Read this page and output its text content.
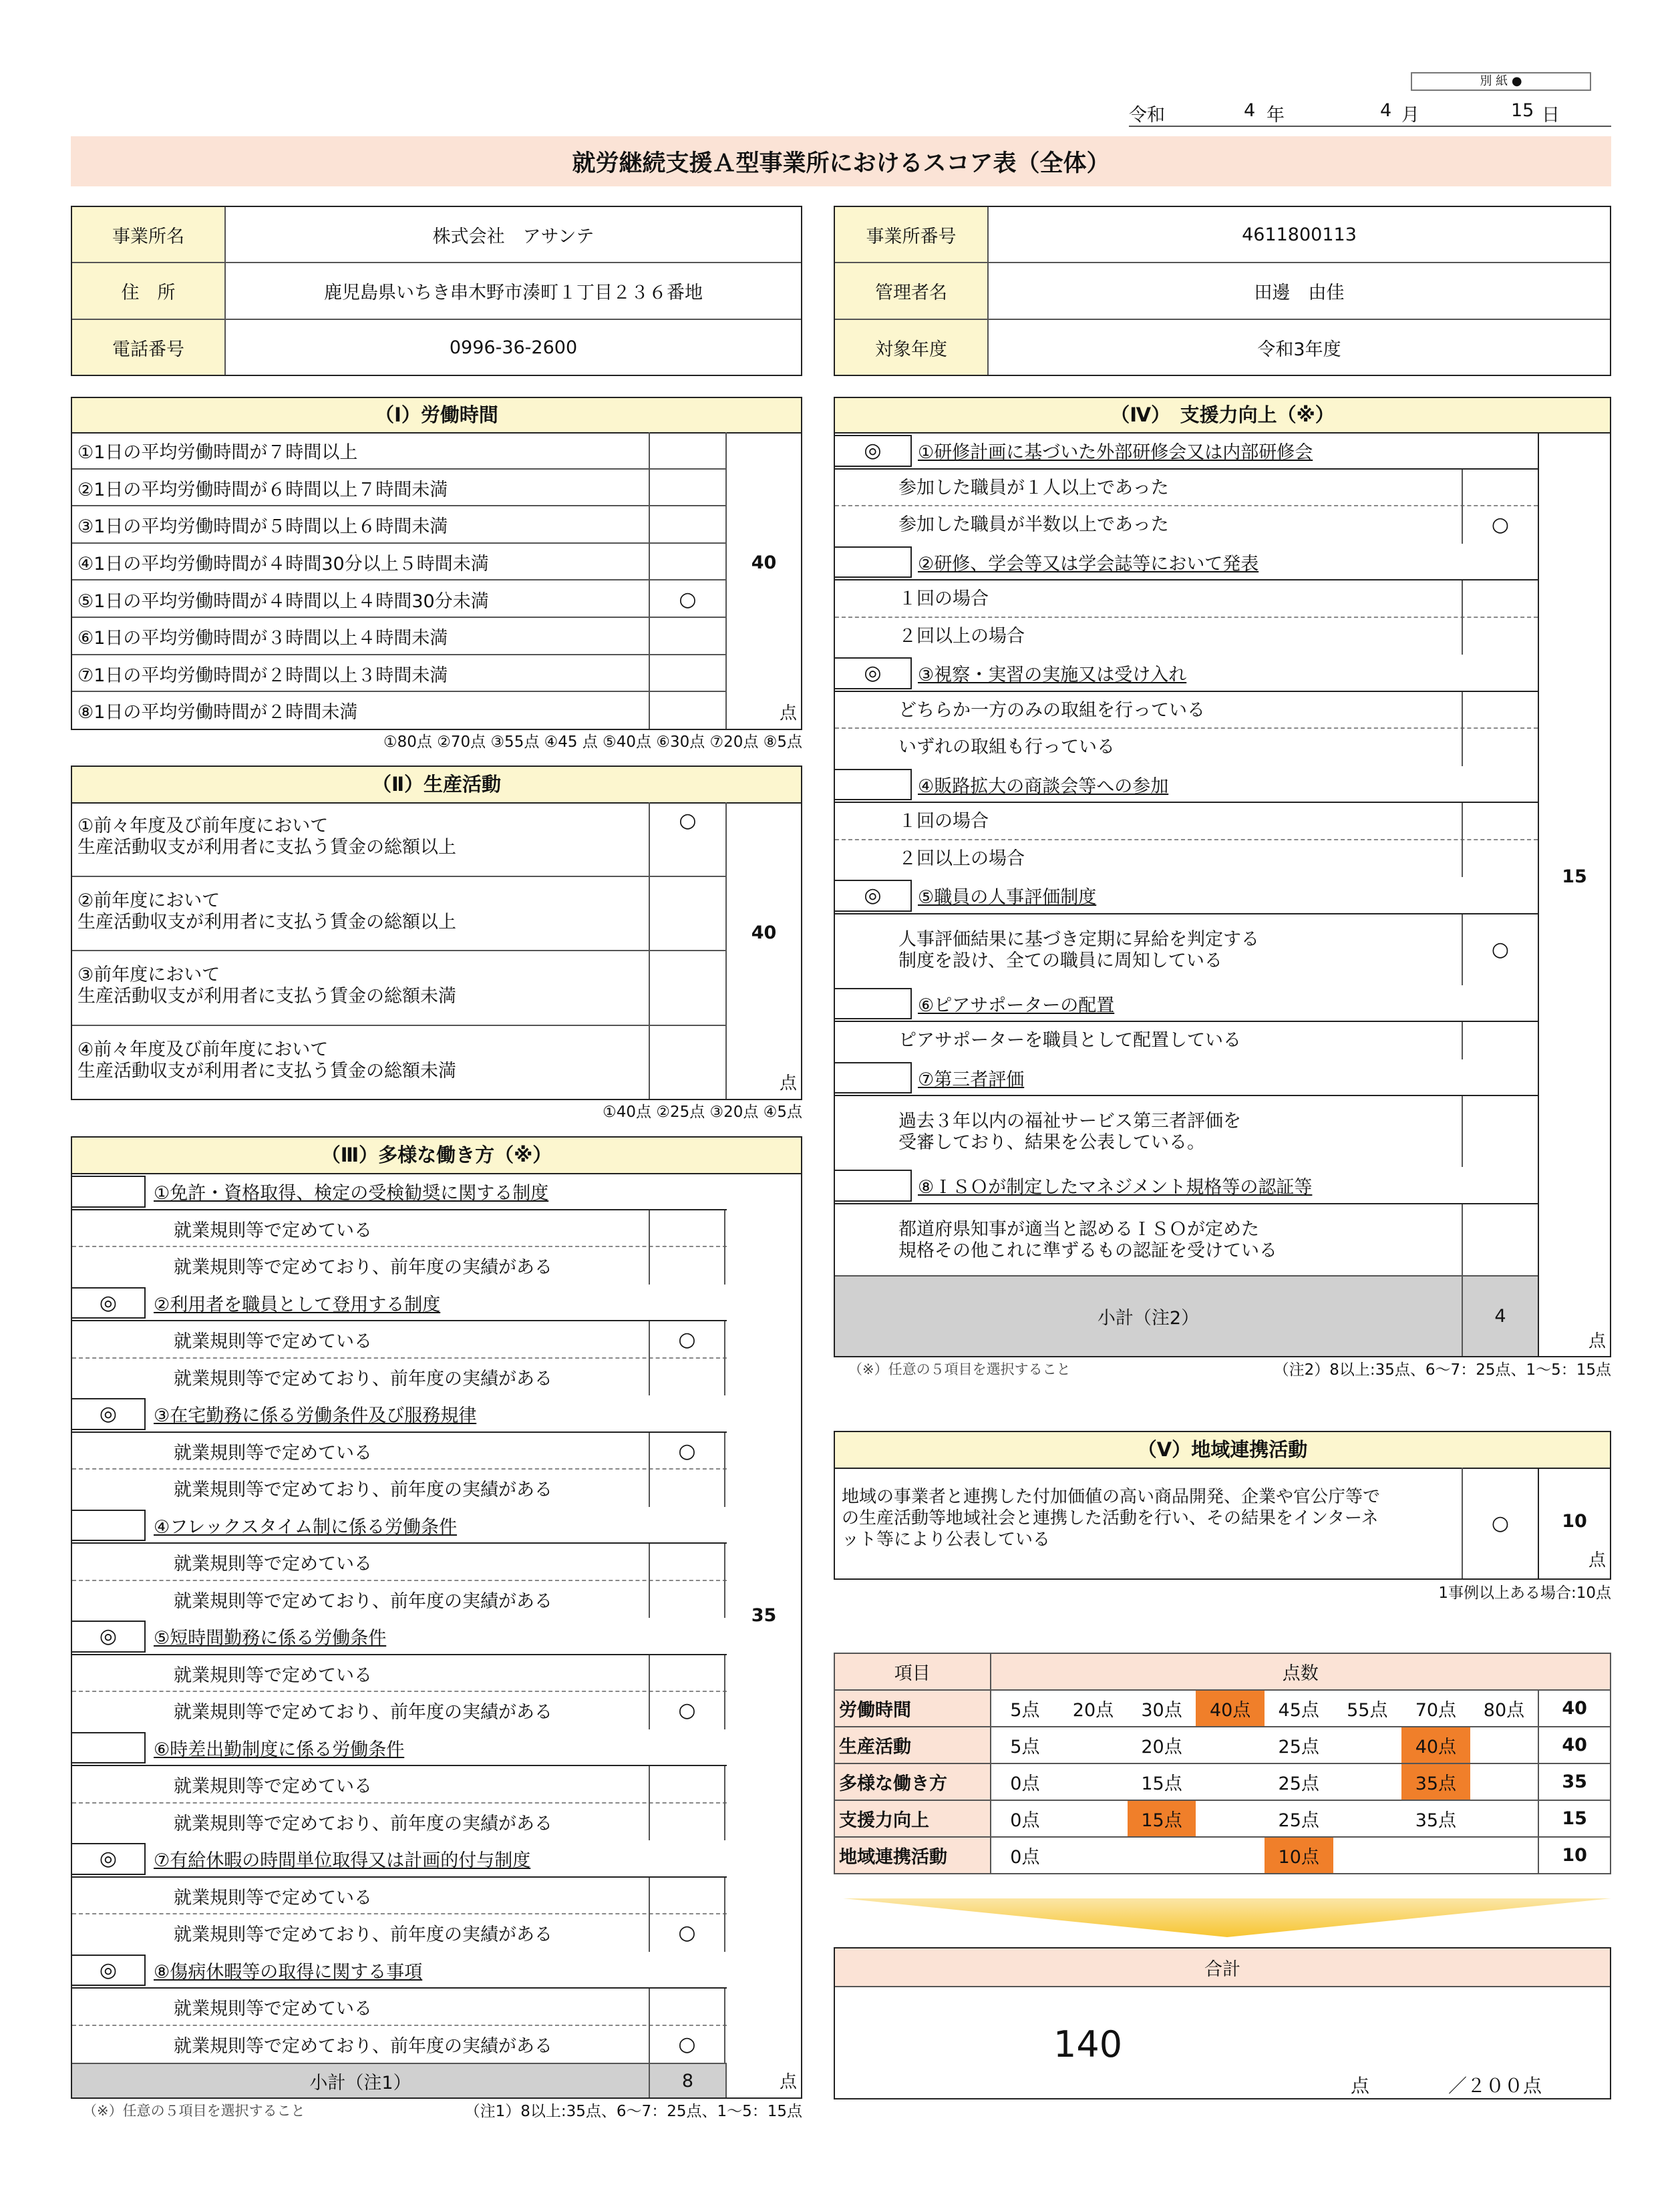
別 紙 ●
令和	4 年	4 月	15 日
就労継続支援Ａ型事業所におけるスコア表（全体）
事業所名	株式会社　アサンテ
住　所	鹿児島県いちき串木野市湊町１丁目２３６番地
電話番号	0996-36-2600
事業所番号	4611800113
管理者名	田邊　由佳
対象年度	令和3年度
（Ⅰ）労働時間
①1日の平均労働時間が７時間以上
②1日の平均労働時間が６時間以上７時間未満
③1日の平均労働時間が５時間以上６時間未満
④1日の平均労働時間が４時間30分以上５時間未満
⑤1日の平均労働時間が４時間以上４時間30分未満	○
⑥1日の平均労働時間が３時間以上４時間未満
⑦1日の平均労働時間が２時間以上３時間未満
⑧1日の平均労働時間が２時間未満
40
点
①80点 ②70点 ③55点 ④45 点 ⑤40点 ⑥30点 ⑦20点 ⑧5点
（Ⅱ）生産活動
①前々年度及び前年度において
生産活動収支が利用者に支払う賃金の総額以上
○
②前年度において
生産活動収支が利用者に支払う賃金の総額以上
③前年度において
生産活動収支が利用者に支払う賃金の総額未満
④前々年度及び前年度において
生産活動収支が利用者に支払う賃金の総額未満
40
点
①40点 ②25点 ③20点 ④5点
（Ⅲ）多様な働き方（※）
①免許・資格取得、検定の受検勧奨に関する制度
就業規則等で定めている
就業規則等で定めており、前年度の実績がある
◎	②利用者を職員として登用する制度
就業規則等で定めている	○
就業規則等で定めており、前年度の実績がある
◎	③在宅勤務に係る労働条件及び服務規律
就業規則等で定めている	○
就業規則等で定めており、前年度の実績がある
④フレックスタイム制に係る労働条件
就業規則等で定めている
就業規則等で定めており、前年度の実績がある
◎	⑤短時間勤務に係る労働条件
就業規則等で定めている
就業規則等で定めており、前年度の実績がある	○
⑥時差出勤制度に係る労働条件
就業規則等で定めている
就業規則等で定めており、前年度の実績がある
◎	⑦有給休暇の時間単位取得又は計画的付与制度
就業規則等で定めている
就業規則等で定めており、前年度の実績がある	○
◎	⑧傷病休暇等の取得に関する事項
就業規則等で定めている
就業規則等で定めており、前年度の実績がある	○
小計（注1）	8
35
点
（※）任意の５項目を選択すること	（注1）8以上:35点、6〜7：25点、1〜5：15点
（Ⅳ）　支援力向上（※）
◎	①研修計画に基づいた外部研修会又は内部研修会
参加した職員が１人以上であった
参加した職員が半数以上であった	○
②研修、学会等又は学会誌等において発表
１回の場合
２回以上の場合
◎	③視察・実習の実施又は受け入れ
どちらか一方のみの取組を行っている
いずれの取組も行っている
④販路拡大の商談会等への参加
１回の場合
２回以上の場合
◎	⑤職員の人事評価制度
人事評価結果に基づき定期に昇給を判定する
制度を設け、全ての職員に周知している	○
⑥ピアサポーターの配置
ピアサポーターを職員として配置している
⑦第三者評価
過去３年以内の福祉サービス第三者評価を
受審しており、結果を公表している。
⑧ＩＳＯが制定したマネジメント規格等の認証等
都道府県知事が適当と認めるＩＳＯが定めた
規格その他これに準ずるもの認証を受けている
小計（注2）	4
15
点
（※）任意の５項目を選択すること	（注2）8以上:35点、6〜7：25点、1〜5：15点
（Ⅴ）地域連携活動
地域の事業者と連携した付加価値の高い商品開発、企業や官公庁等で
の生産活動等地域社会と連携した活動を行い、その結果をインターネ
ット等により公表している
○	10
点
1事例以上ある場合:10点
項目	点数								
労働時間	5点	20点	30点	40点	45点	55点	70点	80点	40
生産活動	5点		20点		25点		40点		40
多様な働き方	0点		15点		25点		35点		35
支援力向上	0点		15点		25点		35点		15
地域連携活動	0点				10点				10
合計
140
点	／２００点
